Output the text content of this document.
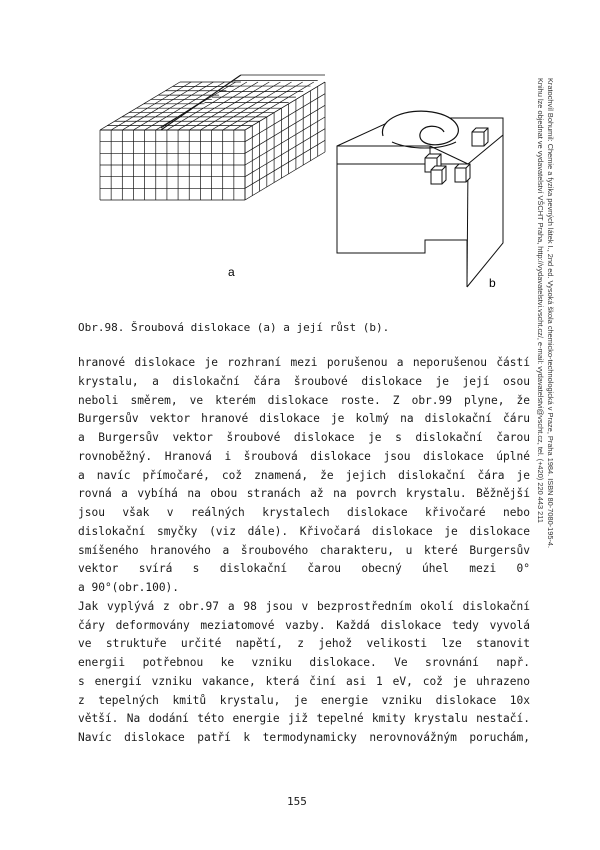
a
b	Kratochvíl Bohumil: Chemie a fyzika pevných látek I., 2nd ed. Vysoká škola chemicko-technologická v Praze, Praha 1984. ISBN 80-7080-195-4.
Knihu lze objednat ve vydavatelství VŠCHT Praha, http://vydavatelstvi.vscht.cz/, e-mail: vydavatelstvi@vscht.cz, tel. (+420) 220 443 211
Obr.98. Šroubová dislokace (a) a její růst (b).
hranové dislokace je rozhraní mezi porušenou a neporušenou částí
krystalu, a dislokační čára šroubové dislokace je její osou
neboli směrem, ve kterém dislokace roste. Z obr.99 plyne, že
Burgersův vektor hranové dislokace je kolmý na dislokační čáru
a Burgersův vektor šroubové dislokace je s dislokační čarou
rovnoběžný. Hranová i šroubová dislokace jsou dislokace úplné
a navíc přímočaré, což znamená, že jejich dislokační čára je
rovná a vybíhá na obou stranách až na povrch krystalu. Běžnější
jsou však v reálných krystalech dislokace křivočaré nebo
dislokační smyčky (viz dále). Křivočará dislokace je dislokace
smíšeného hranového a šroubového charakteru, u které Burgersův
vektor svírá s dislokační čarou obecný úhel mezi 0°
a 90°(obr.100).
Jak vyplývá z obr.97 a 98 jsou v bezprostředním okolí dislokační
čáry deformovány meziatomové vazby. Každá dislokace tedy vyvolá
ve struktuře určité napětí, z jehož velikosti lze stanovit
energii potřebnou ke vzniku dislokace. Ve srovnání např.
s energií vzniku vakance, která činí asi 1 eV, což je uhrazeno
z tepelných kmitů krystalu, je energie vzniku dislokace 10x
větší. Na dodání této energie již tepelné kmity krystalu nestačí.
Navíc dislokace patří k termodynamicky nerovnovážným poruchám,
155
